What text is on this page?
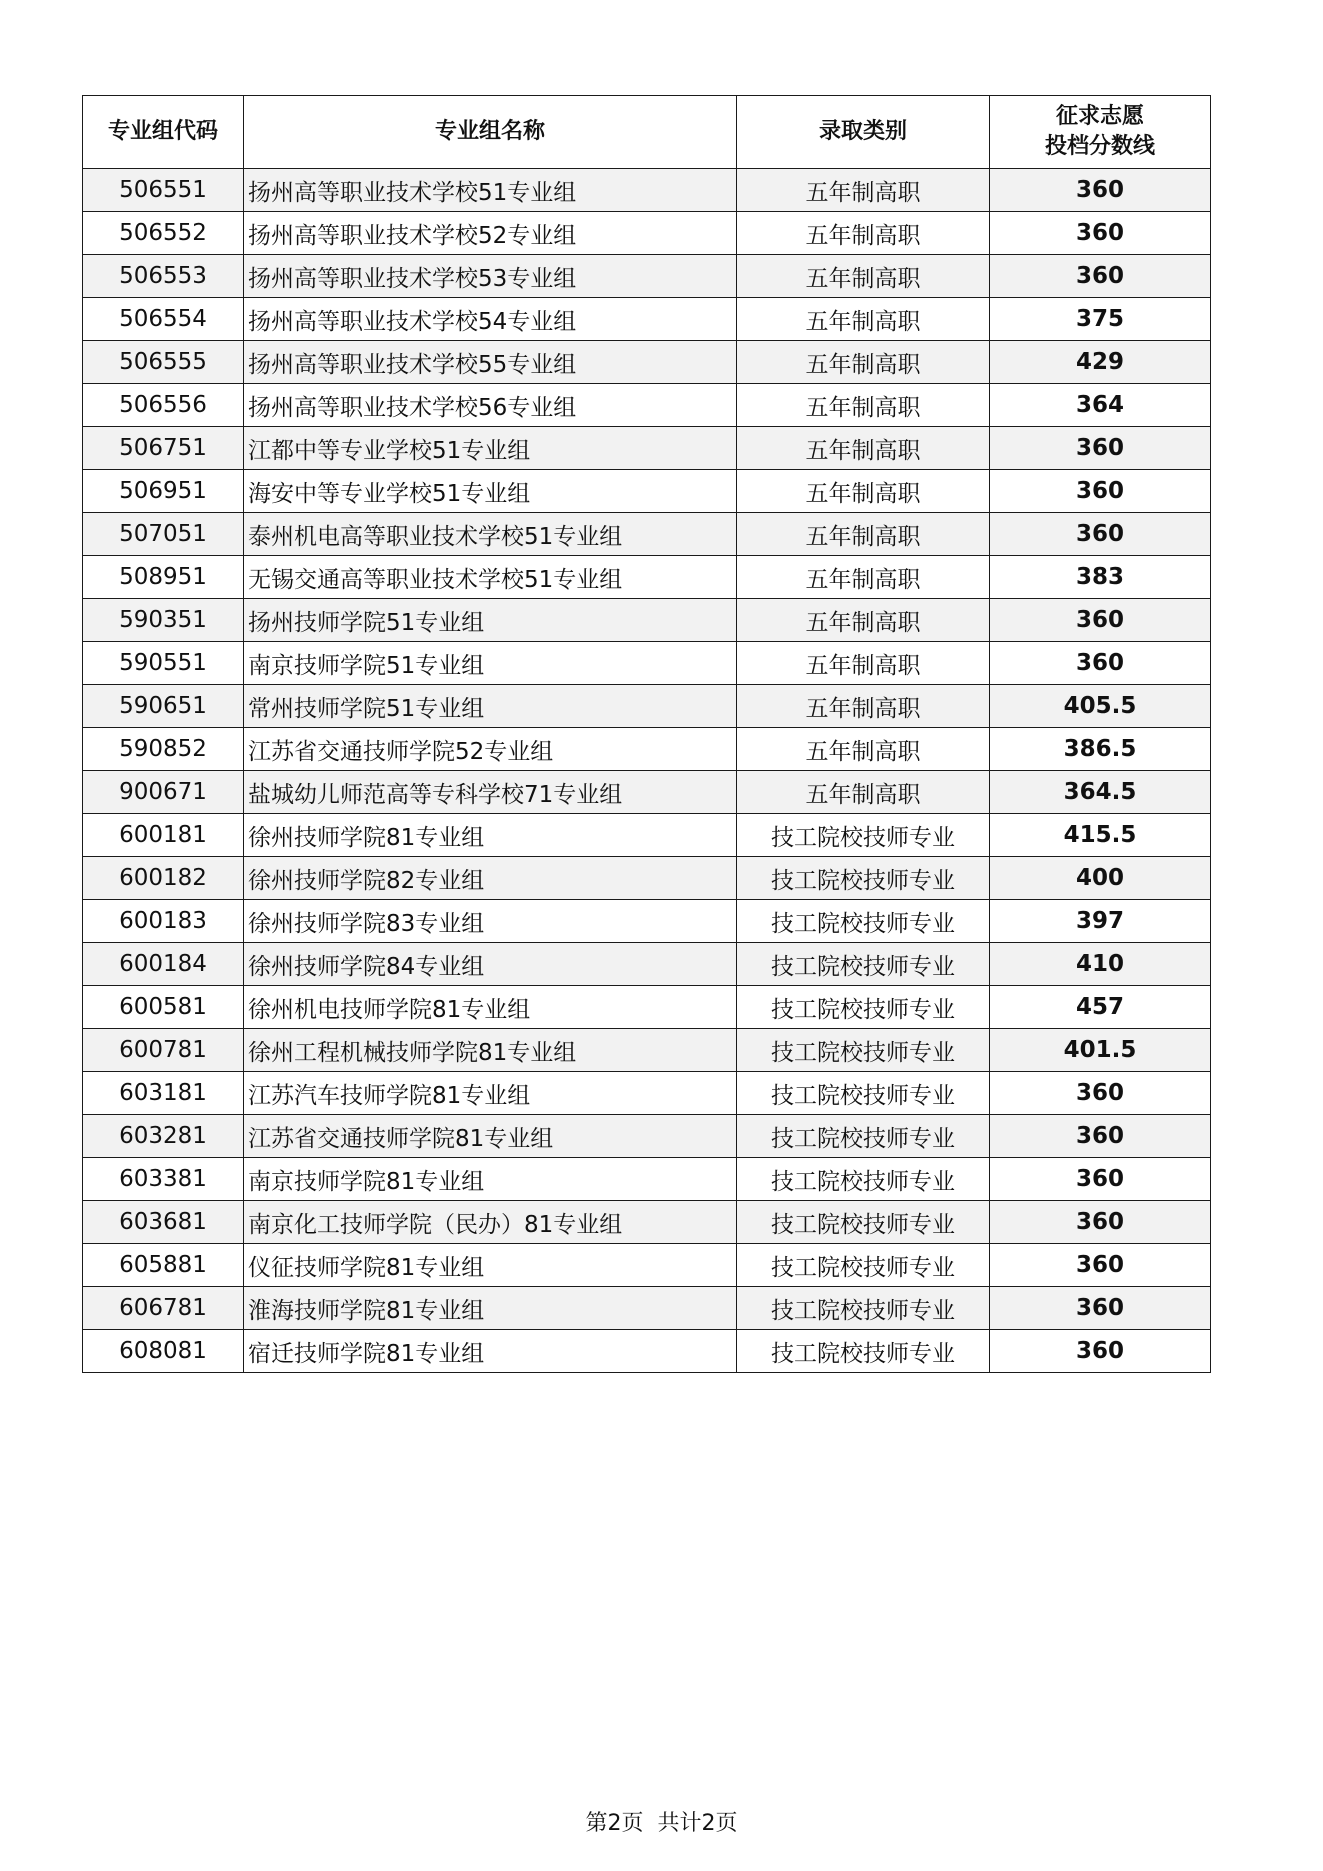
专业组代码	专业组名称	录取类别	征求志愿
投档分数线

506551	扬州高等职业技术学校51专业组	五年制高职	360
506552	扬州高等职业技术学校52专业组	五年制高职	360
506553	扬州高等职业技术学校53专业组	五年制高职	360
506554	扬州高等职业技术学校54专业组	五年制高职	375
506555	扬州高等职业技术学校55专业组	五年制高职	429
506556	扬州高等职业技术学校56专业组	五年制高职	364
506751	江都中等专业学校51专业组	五年制高职	360
506951	海安中等专业学校51专业组	五年制高职	360
507051	泰州机电高等职业技术学校51专业组	五年制高职	360
508951	无锡交通高等职业技术学校51专业组	五年制高职	383
590351	扬州技师学院51专业组	五年制高职	360
590551	南京技师学院51专业组	五年制高职	360
590651	常州技师学院51专业组	五年制高职	405.5
590852	江苏省交通技师学院52专业组	五年制高职	386.5
900671	盐城幼儿师范高等专科学校71专业组	五年制高职	364.5
600181	徐州技师学院81专业组	技工院校技师专业	415.5
600182	徐州技师学院82专业组	技工院校技师专业	400
600183	徐州技师学院83专业组	技工院校技师专业	397
600184	徐州技师学院84专业组	技工院校技师专业	410
600581	徐州机电技师学院81专业组	技工院校技师专业	457
600781	徐州工程机械技师学院81专业组	技工院校技师专业	401.5
603181	江苏汽车技师学院81专业组	技工院校技师专业	360
603281	江苏省交通技师学院81专业组	技工院校技师专业	360
603381	南京技师学院81专业组	技工院校技师专业	360
603681	南京化工技师学院（民办）81专业组	技工院校技师专业	360
605881	仪征技师学院81专业组	技工院校技师专业	360
606781	淮海技师学院81专业组	技工院校技师专业	360
608081	宿迁技师学院81专业组	技工院校技师专业	360
第2页 共计2页
